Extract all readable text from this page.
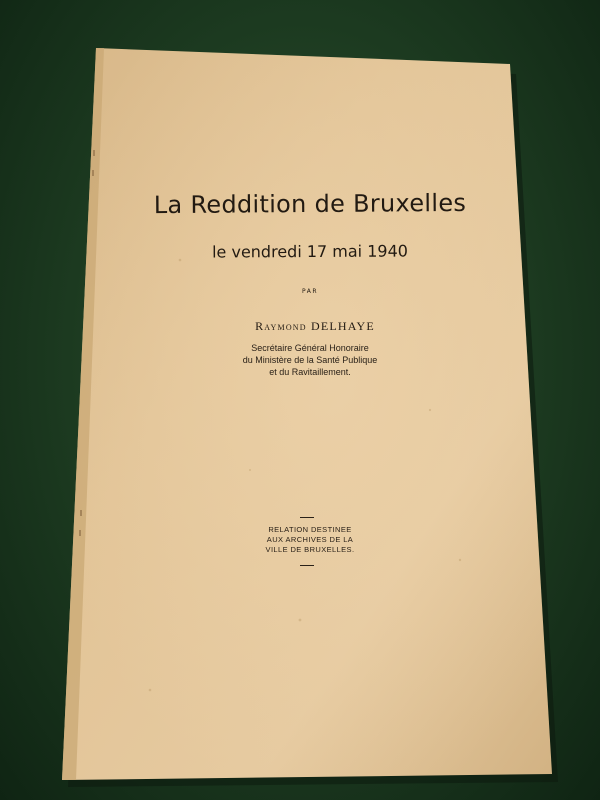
La Reddition de Bruxelles
le vendredi 17 mai 1940
PAR
Raymond DELHAYE
Secrétaire Général Honoraire
du Ministère de la Santé Publique
et du Ravitaillement.
RELATION DESTINEE
AUX ARCHIVES DE LA
VILLE DE BRUXELLES.
